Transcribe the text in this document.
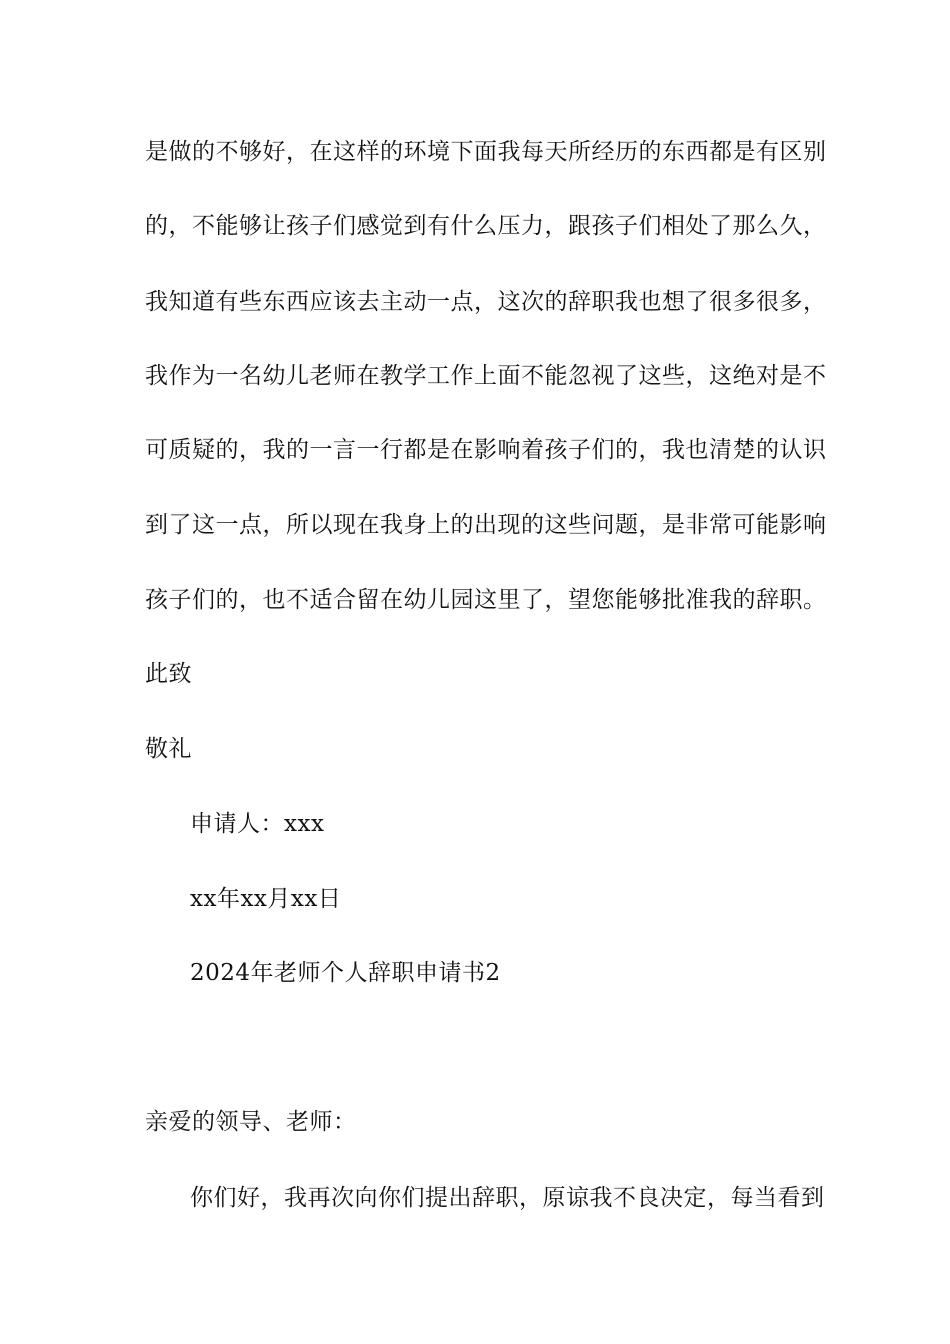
是做的不够好，在这样的环境下面我每天所经历的东西都是有区别
的，不能够让孩子们感觉到有什么压力，跟孩子们相处了那么久，
我知道有些东西应该去主动一点，这次的辞职我也想了很多很多，
我作为一名幼儿老师在教学工作上面不能忽视了这些，这绝对是不
可质疑的，我的一言一行都是在影响着孩子们的，我也清楚的认识
到了这一点，所以现在我身上的出现的这些问题，是非常可能影响
孩子们的，也不适合留在幼儿园这里了，望您能够批准我的辞职。
此致
敬礼
申请人：xxx
xx年xx月xx日
2024年老师个人辞职申请书2
亲爱的领导、老师：
你们好，我再次向你们提出辞职，原谅我不良决定，每当看到
